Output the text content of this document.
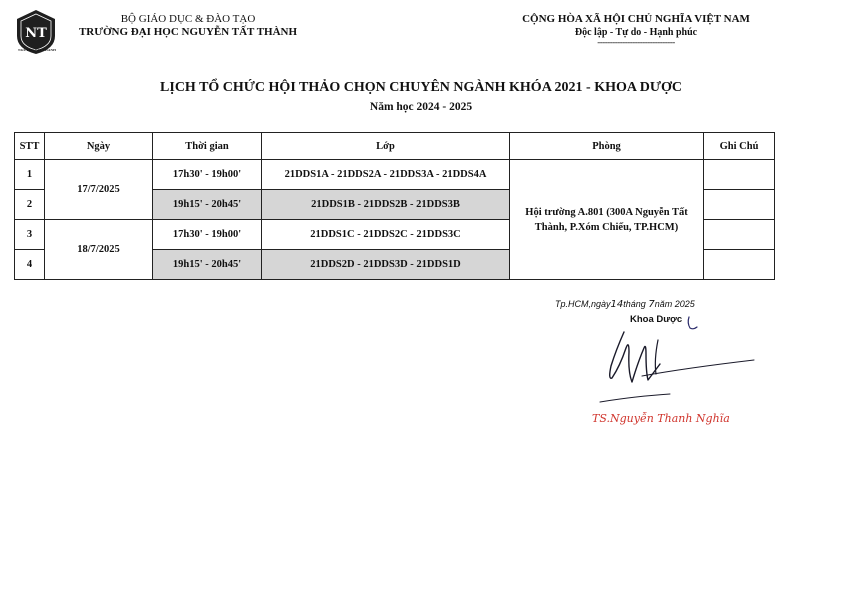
NT
NGUYEN TAT THANH
BỘ GIÁO DỤC & ĐÀO TẠO
TRƯỜNG ĐẠI HỌC NGUYỄN TẤT THÀNH
CỘNG HÒA XÃ HỘI CHỦ NGHĨA VIỆT NAM
Độc lập - Tự do - Hạnh phúc
-------------------------------
LỊCH TỔ CHỨC HỘI THẢO CHỌN CHUYÊN NGÀNH KHÓA 2021 - KHOA DƯỢC
Năm học 2024 - 2025
STT	Ngày	Thời gian	Lớp	Phòng	Ghi Chú
1	17/7/2025	17h30' - 19h00'	21DDS1A - 21DDS2A - 21DDS3A - 21DDS4A	Hội trường A.801 (300A Nguyễn Tất Thành, P.Xóm Chiếu, TP.HCM)	
2		19h15' - 20h45'	21DDS1B - 21DDS2B - 21DDS3B		
3	18/7/2025	17h30' - 19h00'	21DDS1C - 21DDS2C - 21DDS3C		
4		19h15' - 20h45'	21DDS2D - 21DDS3D - 21DDS1D		
Tp.HCM,ngày14tháng 7năm 2025
Khoa Dược
TS.Nguyễn Thanh Nghĩa
